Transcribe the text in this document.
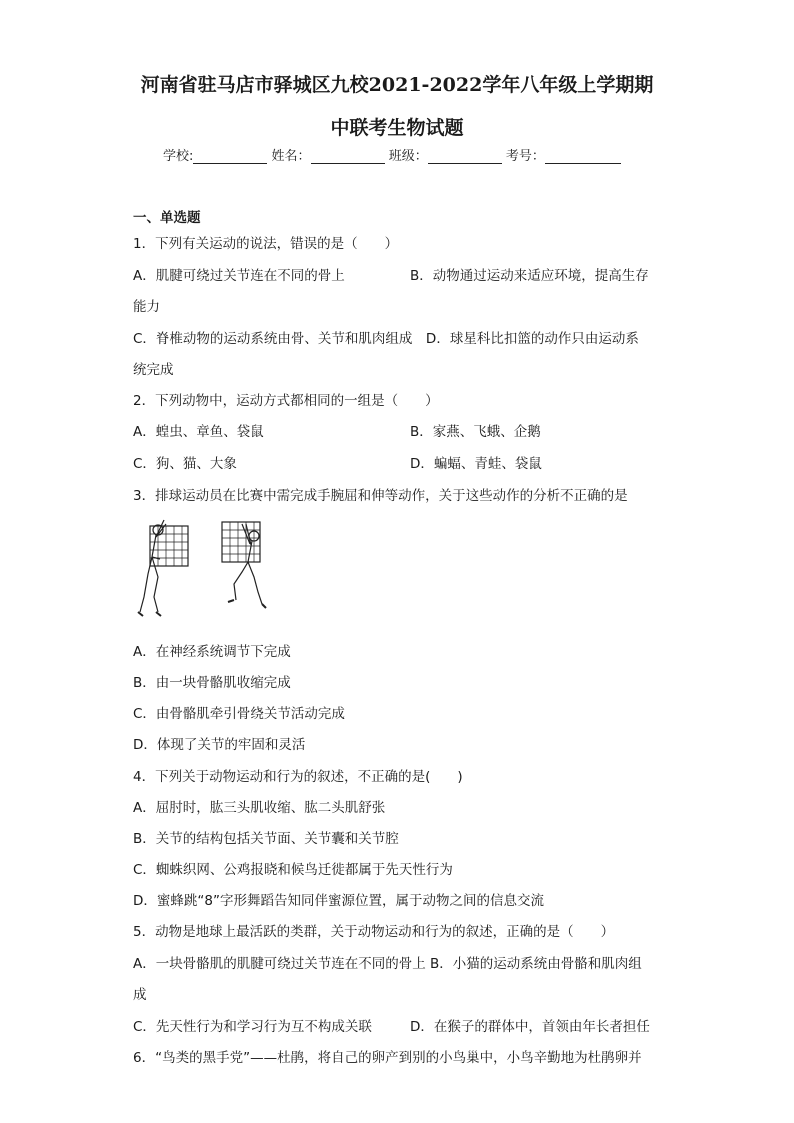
河南省驻马店市驿城区九校2021-2022学年八年级上学期期
中联考生物试题
学校:	姓名：	班级：	考号：
一、单选题
1．下列有关运动的说法，错误的是（　　）
A．肌腱可绕过关节连在不同的骨上	B．动物通过运动来适应环境，提高生存
能力
C．脊椎动物的运动系统由骨、关节和肌肉组成　D．球星科比扣篮的动作只由运动系
统完成
2．下列动物中，运动方式都相同的一组是（　　）
A．蝗虫、章鱼、袋鼠	B．家燕、飞蛾、企鹅
C．狗、猫、大象	D．蝙蝠、青蛙、袋鼠
3．排球运动员在比赛中需完成手腕屈和伸等动作，关于这些动作的分析不正确的是
A．在神经系统调节下完成
B．由一块骨骼肌收缩完成
C．由骨骼肌牵引骨绕关节活动完成
D．体现了关节的牢固和灵活
4．下列关于动物运动和行为的叙述，不正确的是(　　)
A．屈肘时，肱三头肌收缩、肱二头肌舒张
B．关节的结构包括关节面、关节囊和关节腔
C．蜘蛛织网、公鸡报晓和候鸟迁徙都属于先天性行为
D．蜜蜂跳“8”字形舞蹈告知同伴蜜源位置，属于动物之间的信息交流
5．动物是地球上最活跃的类群，关于动物运动和行为的叙述，正确的是（　　）
A．一块骨骼肌的肌腱可绕过关节连在不同的骨上 B．小猫的运动系统由骨骼和肌肉组
成
C．先天性行为和学习行为互不构成关联	D．在猴子的群体中，首领由年长者担任
6．“鸟类的黑手党”——杜鹃，将自己的卵产到别的小鸟巢中，小鸟辛勤地为杜鹃卵并
